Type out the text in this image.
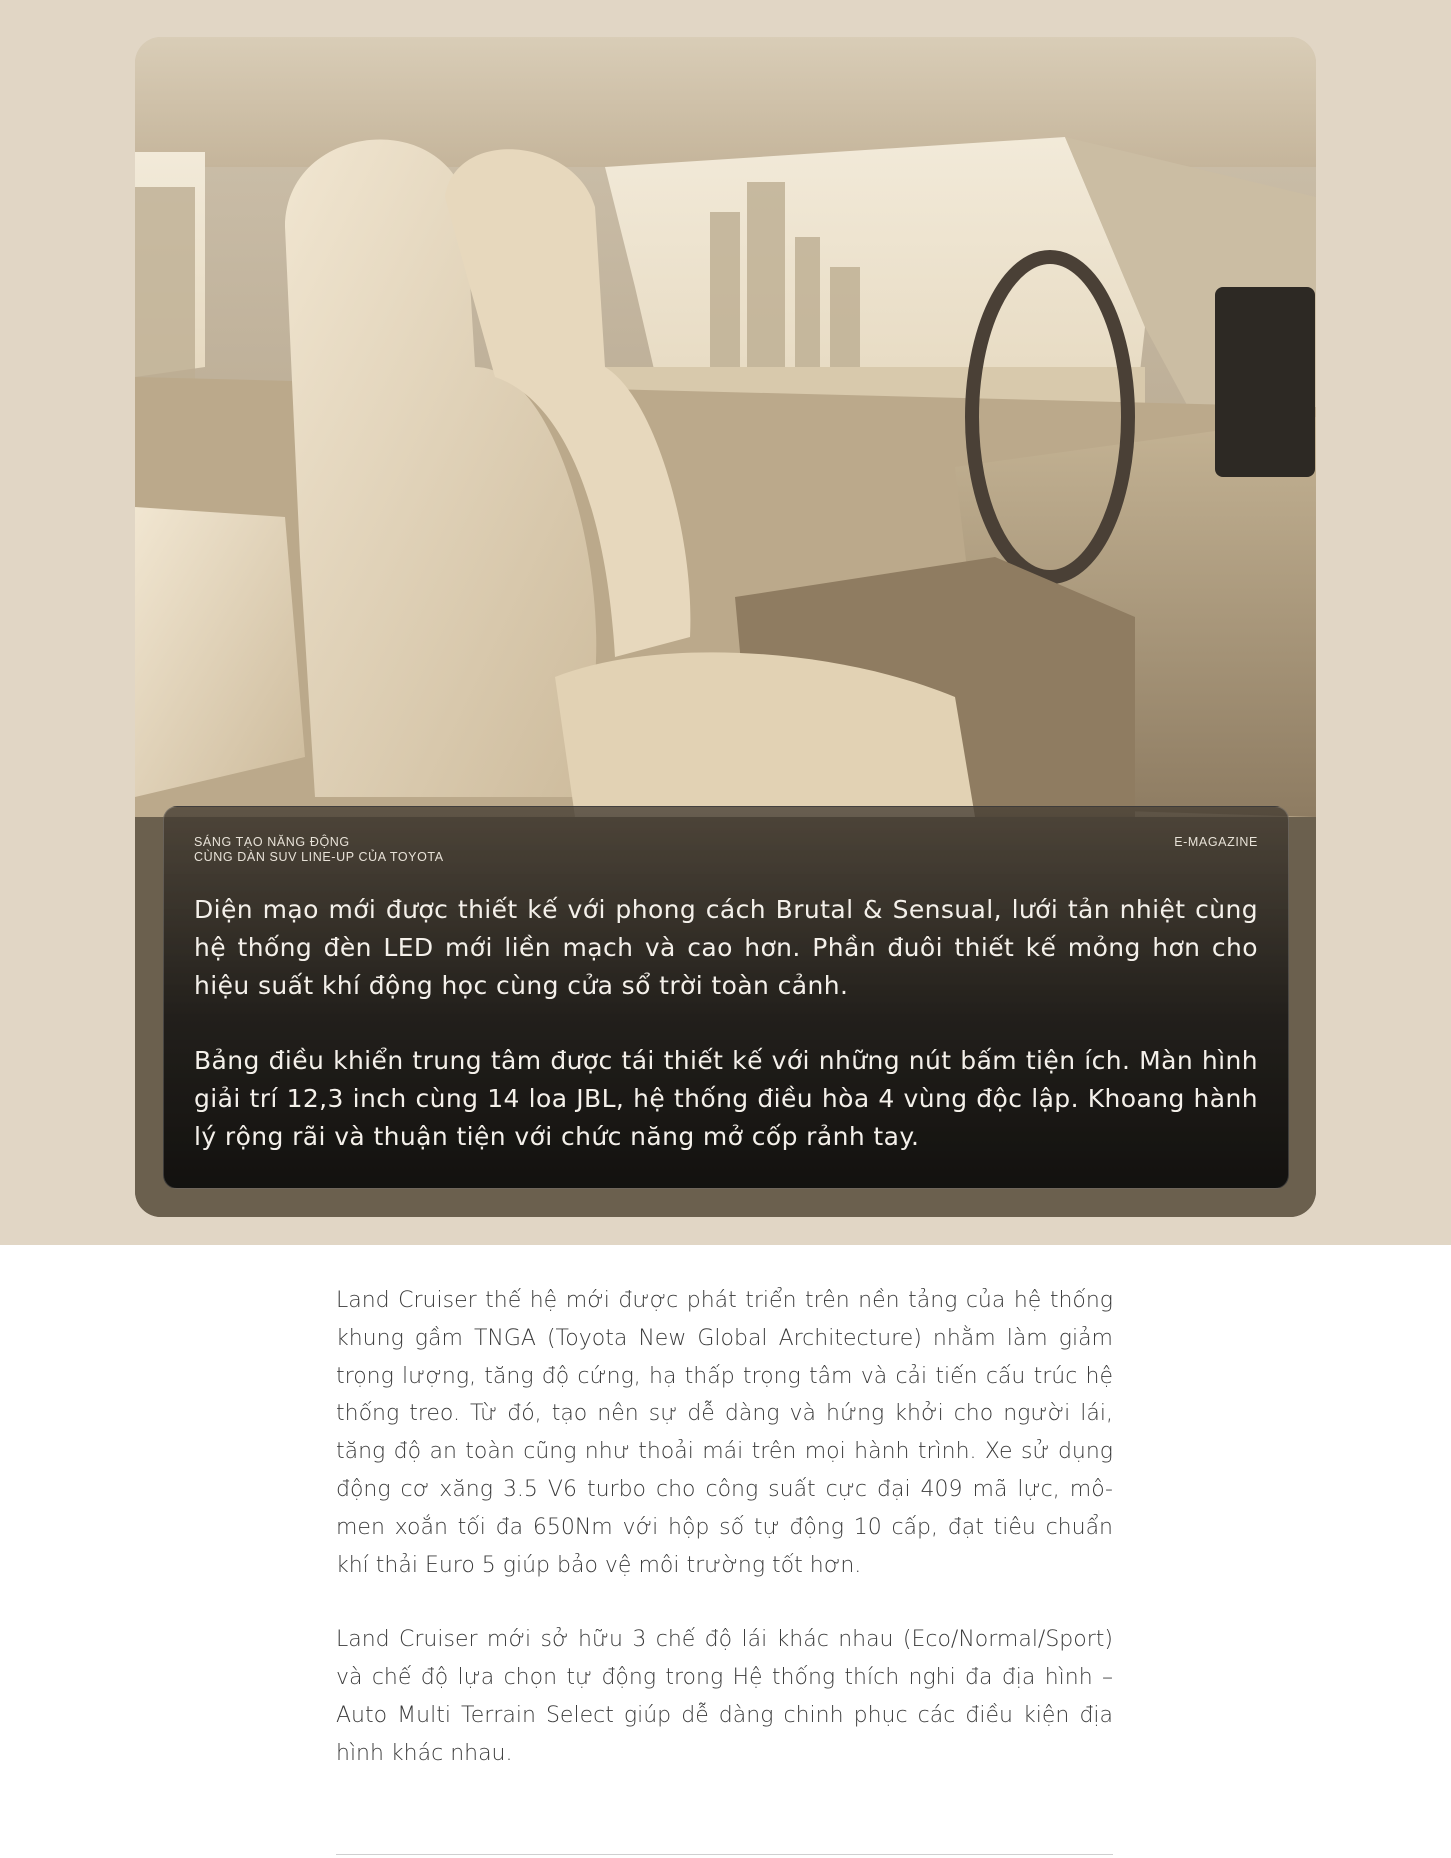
SÁNG TẠO NĂNG ĐỘNG
CÙNG DÀN SUV LINE-UP CỦA TOYOTA
E-MAGAZINE

Diện mạo mới được thiết kế với phong cách Brutal & Sensual, lưới tản nhiệt cùng hệ thống đèn LED mới liền mạch và cao hơn. Phần đuôi thiết kế mỏng hơn cho hiệu suất khí động học cùng cửa sổ trời toàn cảnh.

Bảng điều khiển trung tâm được tái thiết kế với những nút bấm tiện ích. Màn hình giải trí 12,3 inch cùng 14 loa JBL, hệ thống điều hòa 4 vùng độc lập. Khoang hành lý rộng rãi và thuận tiện với chức năng mở cốp rảnh tay.

Land Cruiser thế hệ mới được phát triển trên nền tảng của hệ thống khung gầm TNGA (Toyota New Global Architecture) nhằm làm giảm trọng lượng, tăng độ cứng, hạ thấp trọng tâm và cải tiến cấu trúc hệ thống treo. Từ đó, tạo nên sự dễ dàng và hứng khởi cho người lái, tăng độ an toàn cũng như thoải mái trên mọi hành trình. Xe sử dụng động cơ xăng 3.5 V6 turbo cho công suất cực đại 409 mã lực, mô-men xoắn tối đa 650Nm với hộp số tự động 10 cấp, đạt tiêu chuẩn khí thải Euro 5 giúp bảo vệ môi trường tốt hơn.

Land Cruiser mới sở hữu 3 chế độ lái khác nhau (Eco/Normal/Sport) và chế độ lựa chọn tự động trong Hệ thống thích nghi đa địa hình – Auto Multi Terrain Select giúp dễ dàng chinh phục các điều kiện địa hình khác nhau.
